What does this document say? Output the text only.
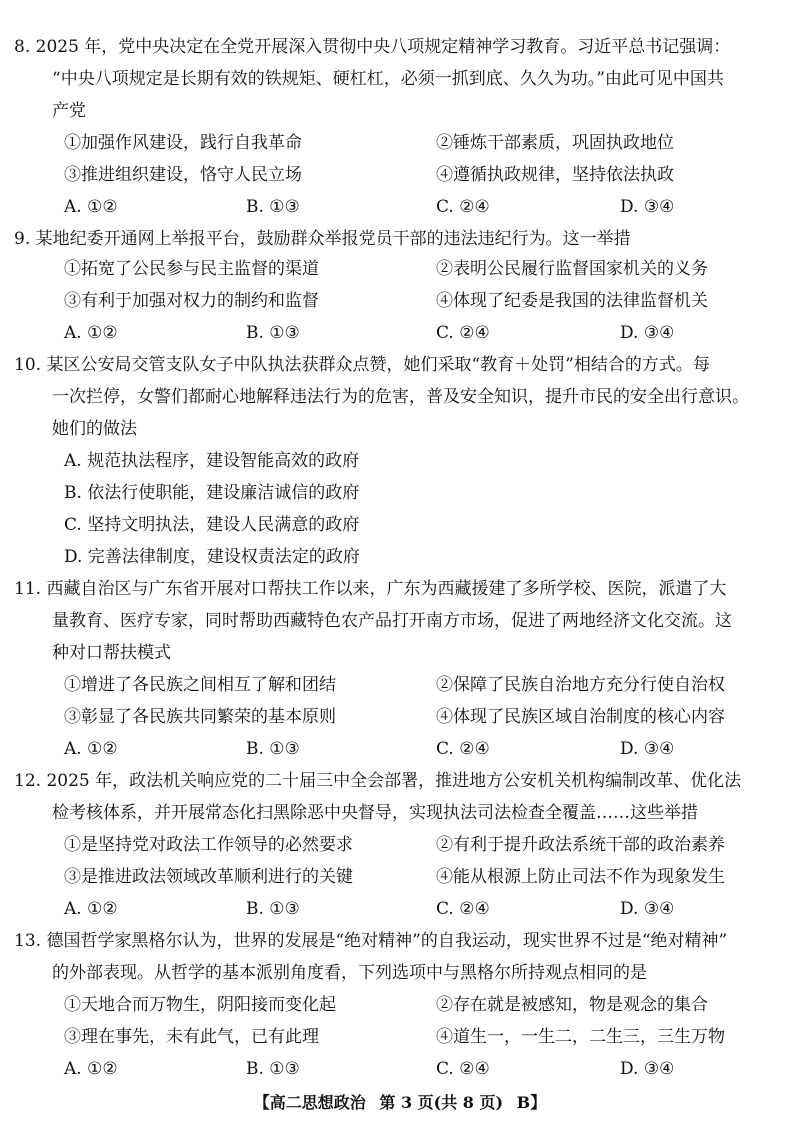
8. 2025 年，党中央决定在全党开展深入贯彻中央八项规定精神学习教育。习近平总书记强调：
“中央八项规定是长期有效的铁规矩、硬杠杠，必须一抓到底、久久为功。”由此可见中国共
产党
①加强作风建设，践行自我革命	②锤炼干部素质，巩固执政地位
③推进组织建设，恪守人民立场	④遵循执政规律，坚持依法执政
A. ①②	B. ①③	C. ②④	D. ③④
9. 某地纪委开通网上举报平台，鼓励群众举报党员干部的违法违纪行为。这一举措
①拓宽了公民参与民主监督的渠道	②表明公民履行监督国家机关的义务
③有利于加强对权力的制约和监督	④体现了纪委是我国的法律监督机关
A. ①②	B. ①③	C. ②④	D. ③④
10. 某区公安局交管支队女子中队执法获群众点赞，她们采取“教育＋处罚”相结合的方式。每
一次拦停，女警们都耐心地解释违法行为的危害，普及安全知识，提升市民的安全出行意识。
她们的做法
A. 规范执法程序，建设智能高效的政府
B. 依法行使职能，建设廉洁诚信的政府
C. 坚持文明执法，建设人民满意的政府
D. 完善法律制度，建设权责法定的政府
11. 西藏自治区与广东省开展对口帮扶工作以来，广东为西藏援建了多所学校、医院，派遣了大
量教育、医疗专家，同时帮助西藏特色农产品打开南方市场，促进了两地经济文化交流。这
种对口帮扶模式
①增进了各民族之间相互了解和团结	②保障了民族自治地方充分行使自治权
③彰显了各民族共同繁荣的基本原则	④体现了民族区域自治制度的核心内容
A. ①②	B. ①③	C. ②④	D. ③④
12. 2025 年，政法机关响应党的二十届三中全会部署，推进地方公安机关机构编制改革、优化法
检考核体系，并开展常态化扫黑除恶中央督导，实现执法司法检查全覆盖……这些举措
①是坚持党对政法工作领导的必然要求	②有利于提升政法系统干部的政治素养
③是推进政法领域改革顺利进行的关键	④能从根源上防止司法不作为现象发生
A. ①②	B. ①③	C. ②④	D. ③④
13. 德国哲学家黑格尔认为，世界的发展是“绝对精神”的自我运动，现实世界不过是“绝对精神”
的外部表现。从哲学的基本派别角度看，下列选项中与黑格尔所持观点相同的是
①天地合而万物生，阴阳接而变化起	②存在就是被感知，物是观念的集合
③理在事先，未有此气，已有此理	④道生一，一生二，二生三，三生万物
A. ①②	B. ①③	C. ②④	D. ③④
【高二思想政治 第 3 页(共 8 页) B】
